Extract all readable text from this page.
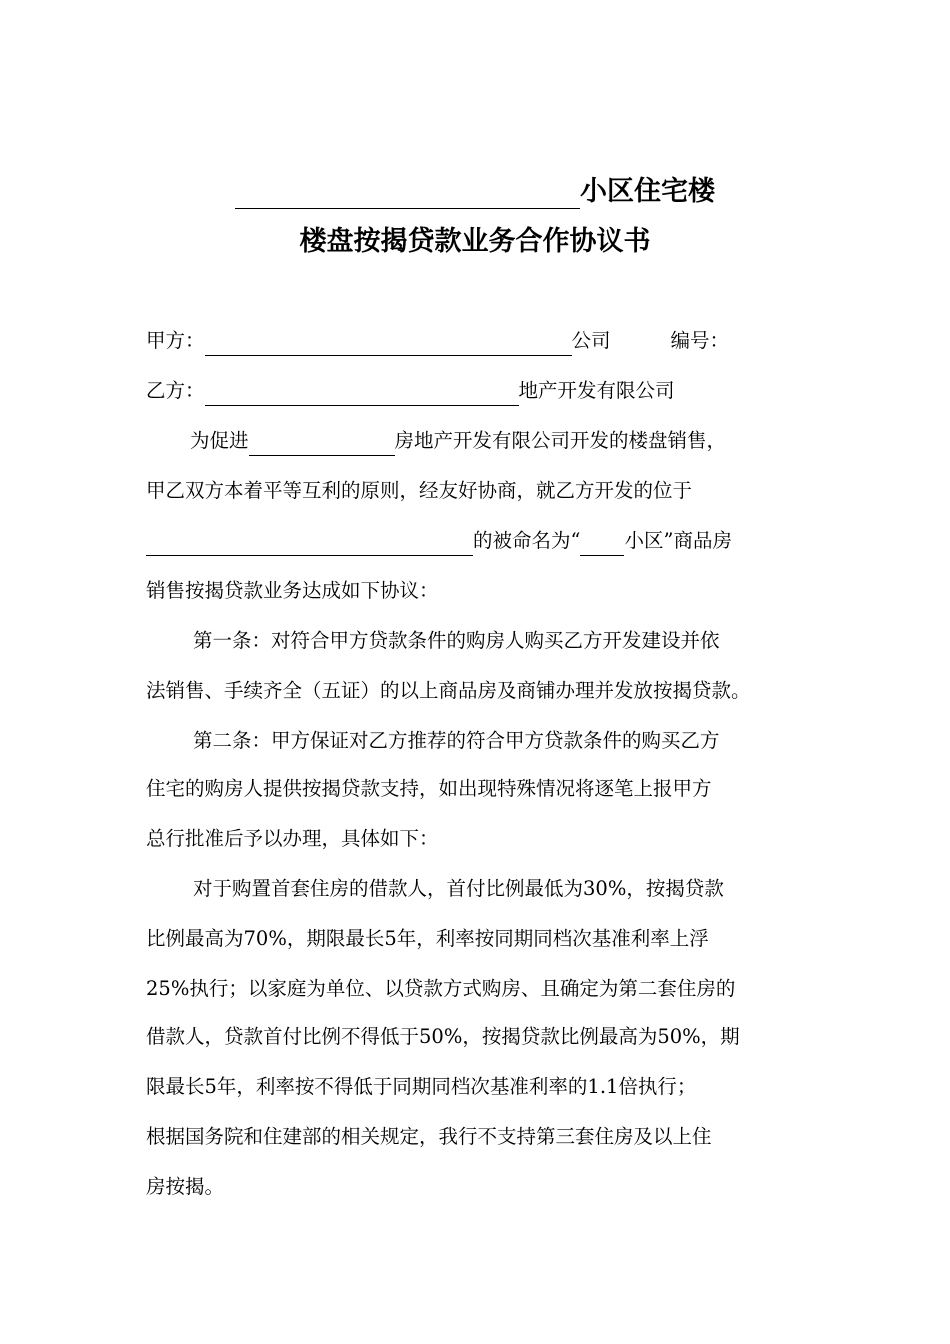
小区住宅楼
楼盘按揭贷款业务合作协议书
甲方：	公司	编号：
乙方：	地产开发有限公司
为促进	房地产开发有限公司开发的楼盘销售，
甲乙双方本着平等互利的原则，经友好协商，就乙方开发的位于
的被命名为“ 小区”商品房
销售按揭贷款业务达成如下协议：
第一条：对符合甲方贷款条件的购房人购买乙方开发建设并依
法销售、手续齐全（五证）的以上商品房及商铺办理并发放按揭贷款。
第二条：甲方保证对乙方推荐的符合甲方贷款条件的购买乙方
住宅的购房人提供按揭贷款支持，如出现特殊情况将逐笔上报甲方
总行批准后予以办理，具体如下：
对于购置首套住房的借款人，首付比例最低为30%，按揭贷款
比例最高为70%，期限最长5年，利率按同期同档次基准利率上浮
25%执行；以家庭为单位、以贷款方式购房、且确定为第二套住房的
借款人，贷款首付比例不得低于50%，按揭贷款比例最高为50%，期
限最长5年，利率按不得低于同期同档次基准利率的1.1倍执行；
根据国务院和住建部的相关规定，我行不支持第三套住房及以上住
房按揭。
